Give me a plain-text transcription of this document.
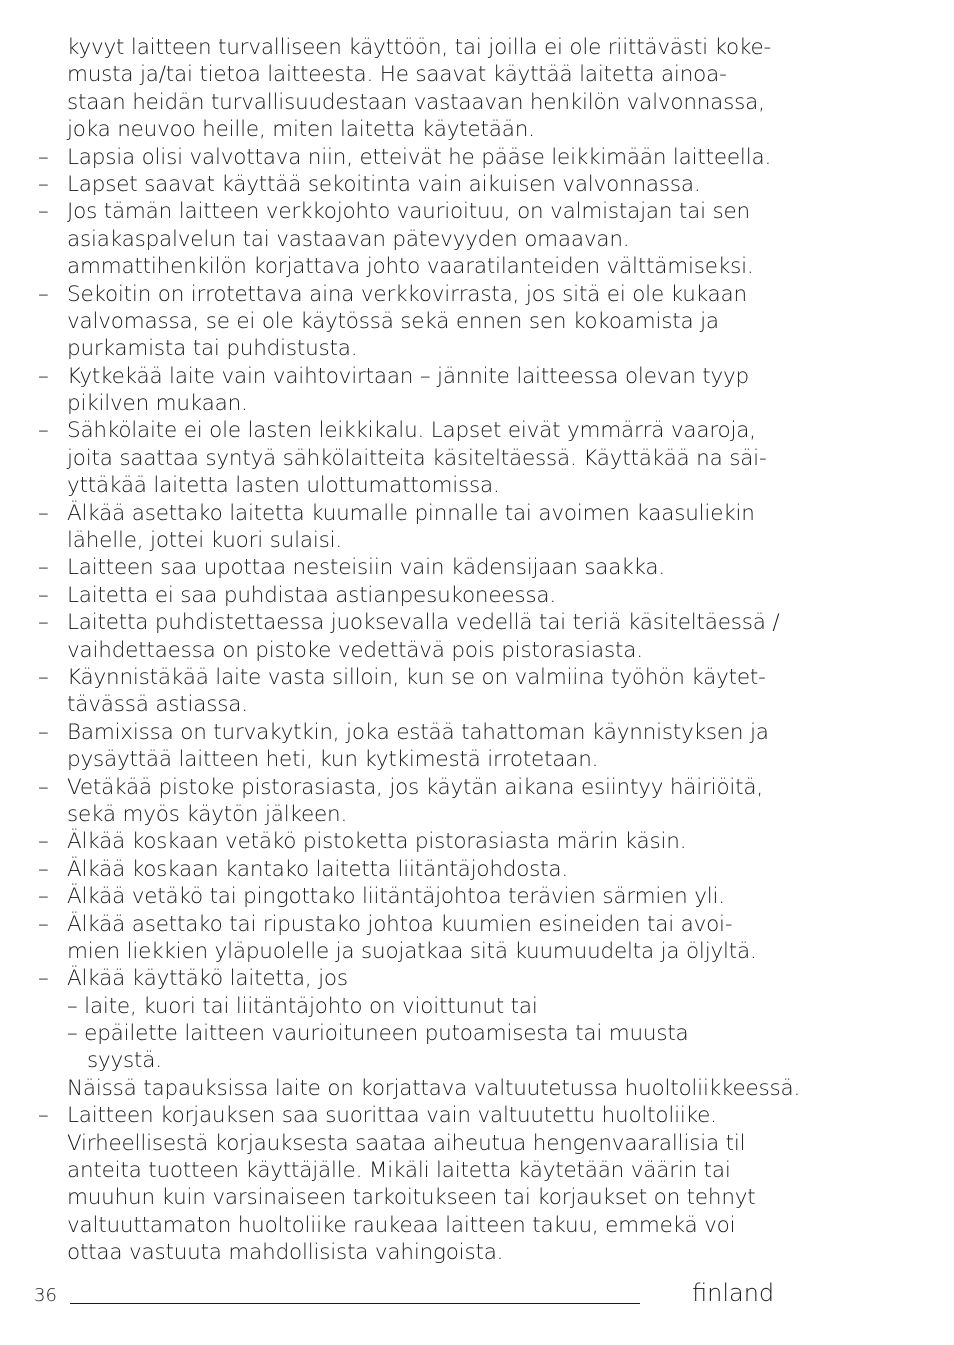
kyvyt laitteen turvalliseen käyttöön, tai joilla ei ole riittävästi koke-
musta ja/tai tietoa laitteesta. He saavat käyttää laitetta ainoa-
staan heidän turvallisuudestaan vastaavan henkilön valvonnassa,
joka neuvoo heille, miten laitetta käytetään.
– Lapsia olisi valvottava niin, etteivät he pääse leikkimään laitteella.
– Lapset saavat käyttää sekoitinta vain aikuisen valvonnassa.
– Jos tämän laitteen verkkojohto vaurioituu, on valmistajan tai sen
asiakaspalvelun tai vastaavan pätevyyden omaavan.
ammattihenkilön korjattava johto vaaratilanteiden välttämiseksi.
– Sekoitin on irrotettava aina verkkovirrasta, jos sitä ei ole kukaan
valvomassa, se ei ole käytössä sekä ennen sen kokoamista ja
purkamista tai puhdistusta.
– Kytkekää laite vain vaihtovirtaan – jännite laitteessa olevan tyyp
pikilven mukaan.
– Sähkölaite ei ole lasten leikkikalu. Lapset eivät ymmärrä vaaroja,
joita saattaa syntyä sähkölaitteita käsiteltäessä. Käyttäkää na säi-
yttäkää laitetta lasten ulottumattomissa.
– Älkää asettako laitetta kuumalle pinnalle tai avoimen kaasuliekin
lähelle, jottei kuori sulaisi.
– Laitteen saa upottaa nesteisiin vain kädensijaan saakka.
– Laitetta ei saa puhdistaa astianpesukoneessa.
– Laitetta puhdistettaessa juoksevalla vedellä tai teriä käsiteltäessä /
vaihdettaessa on pistoke vedettävä pois pistorasiasta.
– Käynnistäkää laite vasta silloin, kun se on valmiina työhön käytet-
tävässä astiassa.
– Bamixissa on turvakytkin, joka estää tahattoman käynnistyksen ja
pysäyttää laitteen heti, kun kytkimestä irrotetaan.
– Vetäkää pistoke pistorasiasta, jos käytän aikana esiintyy häiriöitä,
sekä myös käytön jälkeen.
– Älkää koskaan vetäkö pistoketta pistorasiasta märin käsin.
– Älkää koskaan kantako laitetta liitäntäjohdosta.
– Älkää vetäkö tai pingottako liitäntäjohtoa terävien särmien yli.
– Älkää asettako tai ripustako johtoa kuumien esineiden tai avoi-
mien liekkien yläpuolelle ja suojatkaa sitä kuumuudelta ja öljyltä.
– Älkää käyttäkö laitetta, jos
– laite, kuori tai liitäntäjohto on vioittunut tai
– epäilette laitteen vaurioituneen putoamisesta tai muusta
syystä.
Näissä tapauksissa laite on korjattava valtuutetussa huoltoliikkeessä.
– Laitteen korjauksen saa suorittaa vain valtuutettu huoltoliike.
Virheellisestä korjauksesta saataa aiheutua hengenvaarallisia til
anteita tuotteen käyttäjälle. Mikäli laitetta käytetään väärin tai
muuhun kuin varsinaiseen tarkoitukseen tai korjaukset on tehnyt
valtuuttamaton huoltoliike raukeaa laitteen takuu, emmekä voi
ottaa vastuuta mahdollisista vahingoista.
36	finland
